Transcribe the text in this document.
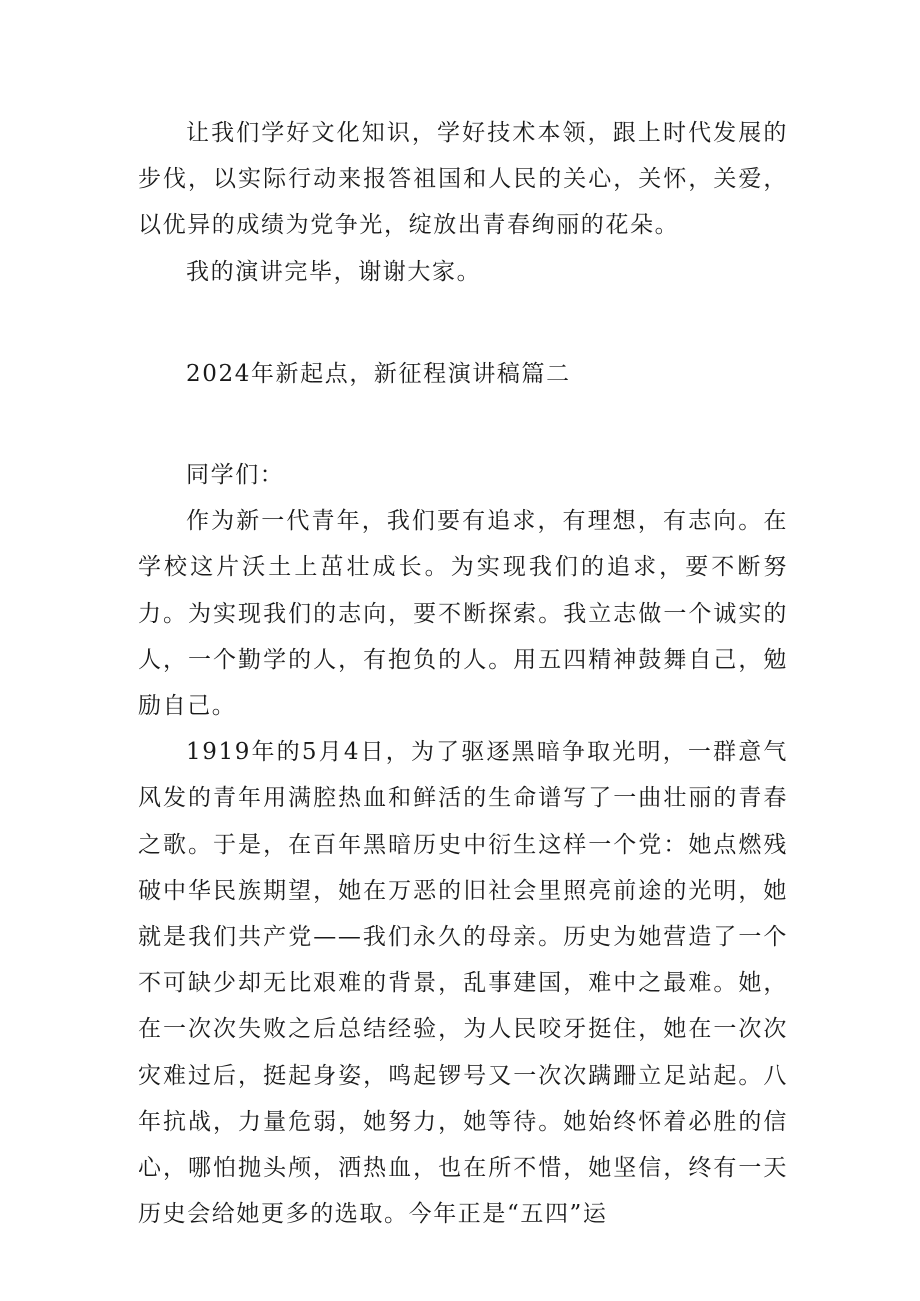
让我们学好文化知识，学好技术本领，跟上时代发展的步伐，以实际行动来报答祖国和人民的关心，关怀，关爱，以优异的成绩为党争光，绽放出青春绚丽的花朵。

我的演讲完毕，谢谢大家。

2024年新起点，新征程演讲稿篇二

同学们：

作为新一代青年，我们要有追求，有理想，有志向。在学校这片沃土上茁壮成长。为实现我们的追求，要不断努力。为实现我们的志向，要不断探索。我立志做一个诚实的人，一个勤学的人，有抱负的人。用五四精神鼓舞自己，勉励自己。

1919年的5月4日，为了驱逐黑暗争取光明，一群意气风发的青年用满腔热血和鲜活的生命谱写了一曲壮丽的青春之歌。于是，在百年黑暗历史中衍生这样一个党：她点燃残破中华民族期望，她在万恶的旧社会里照亮前途的光明，她就是我们共产党——我们永久的母亲。历史为她营造了一个不可缺少却无比艰难的背景，乱事建国，难中之最难。她，在一次次失败之后总结经验，为人民咬牙挺住，她在一次次灾难过后，挺起身姿，鸣起锣号又一次次蹒跚立足站起。八年抗战，力量危弱，她努力，她等待。她始终怀着必胜的信心，哪怕抛头颅，洒热血，也在所不惜，她坚信，终有一天历史会给她更多的选取。今年正是“五四”运
